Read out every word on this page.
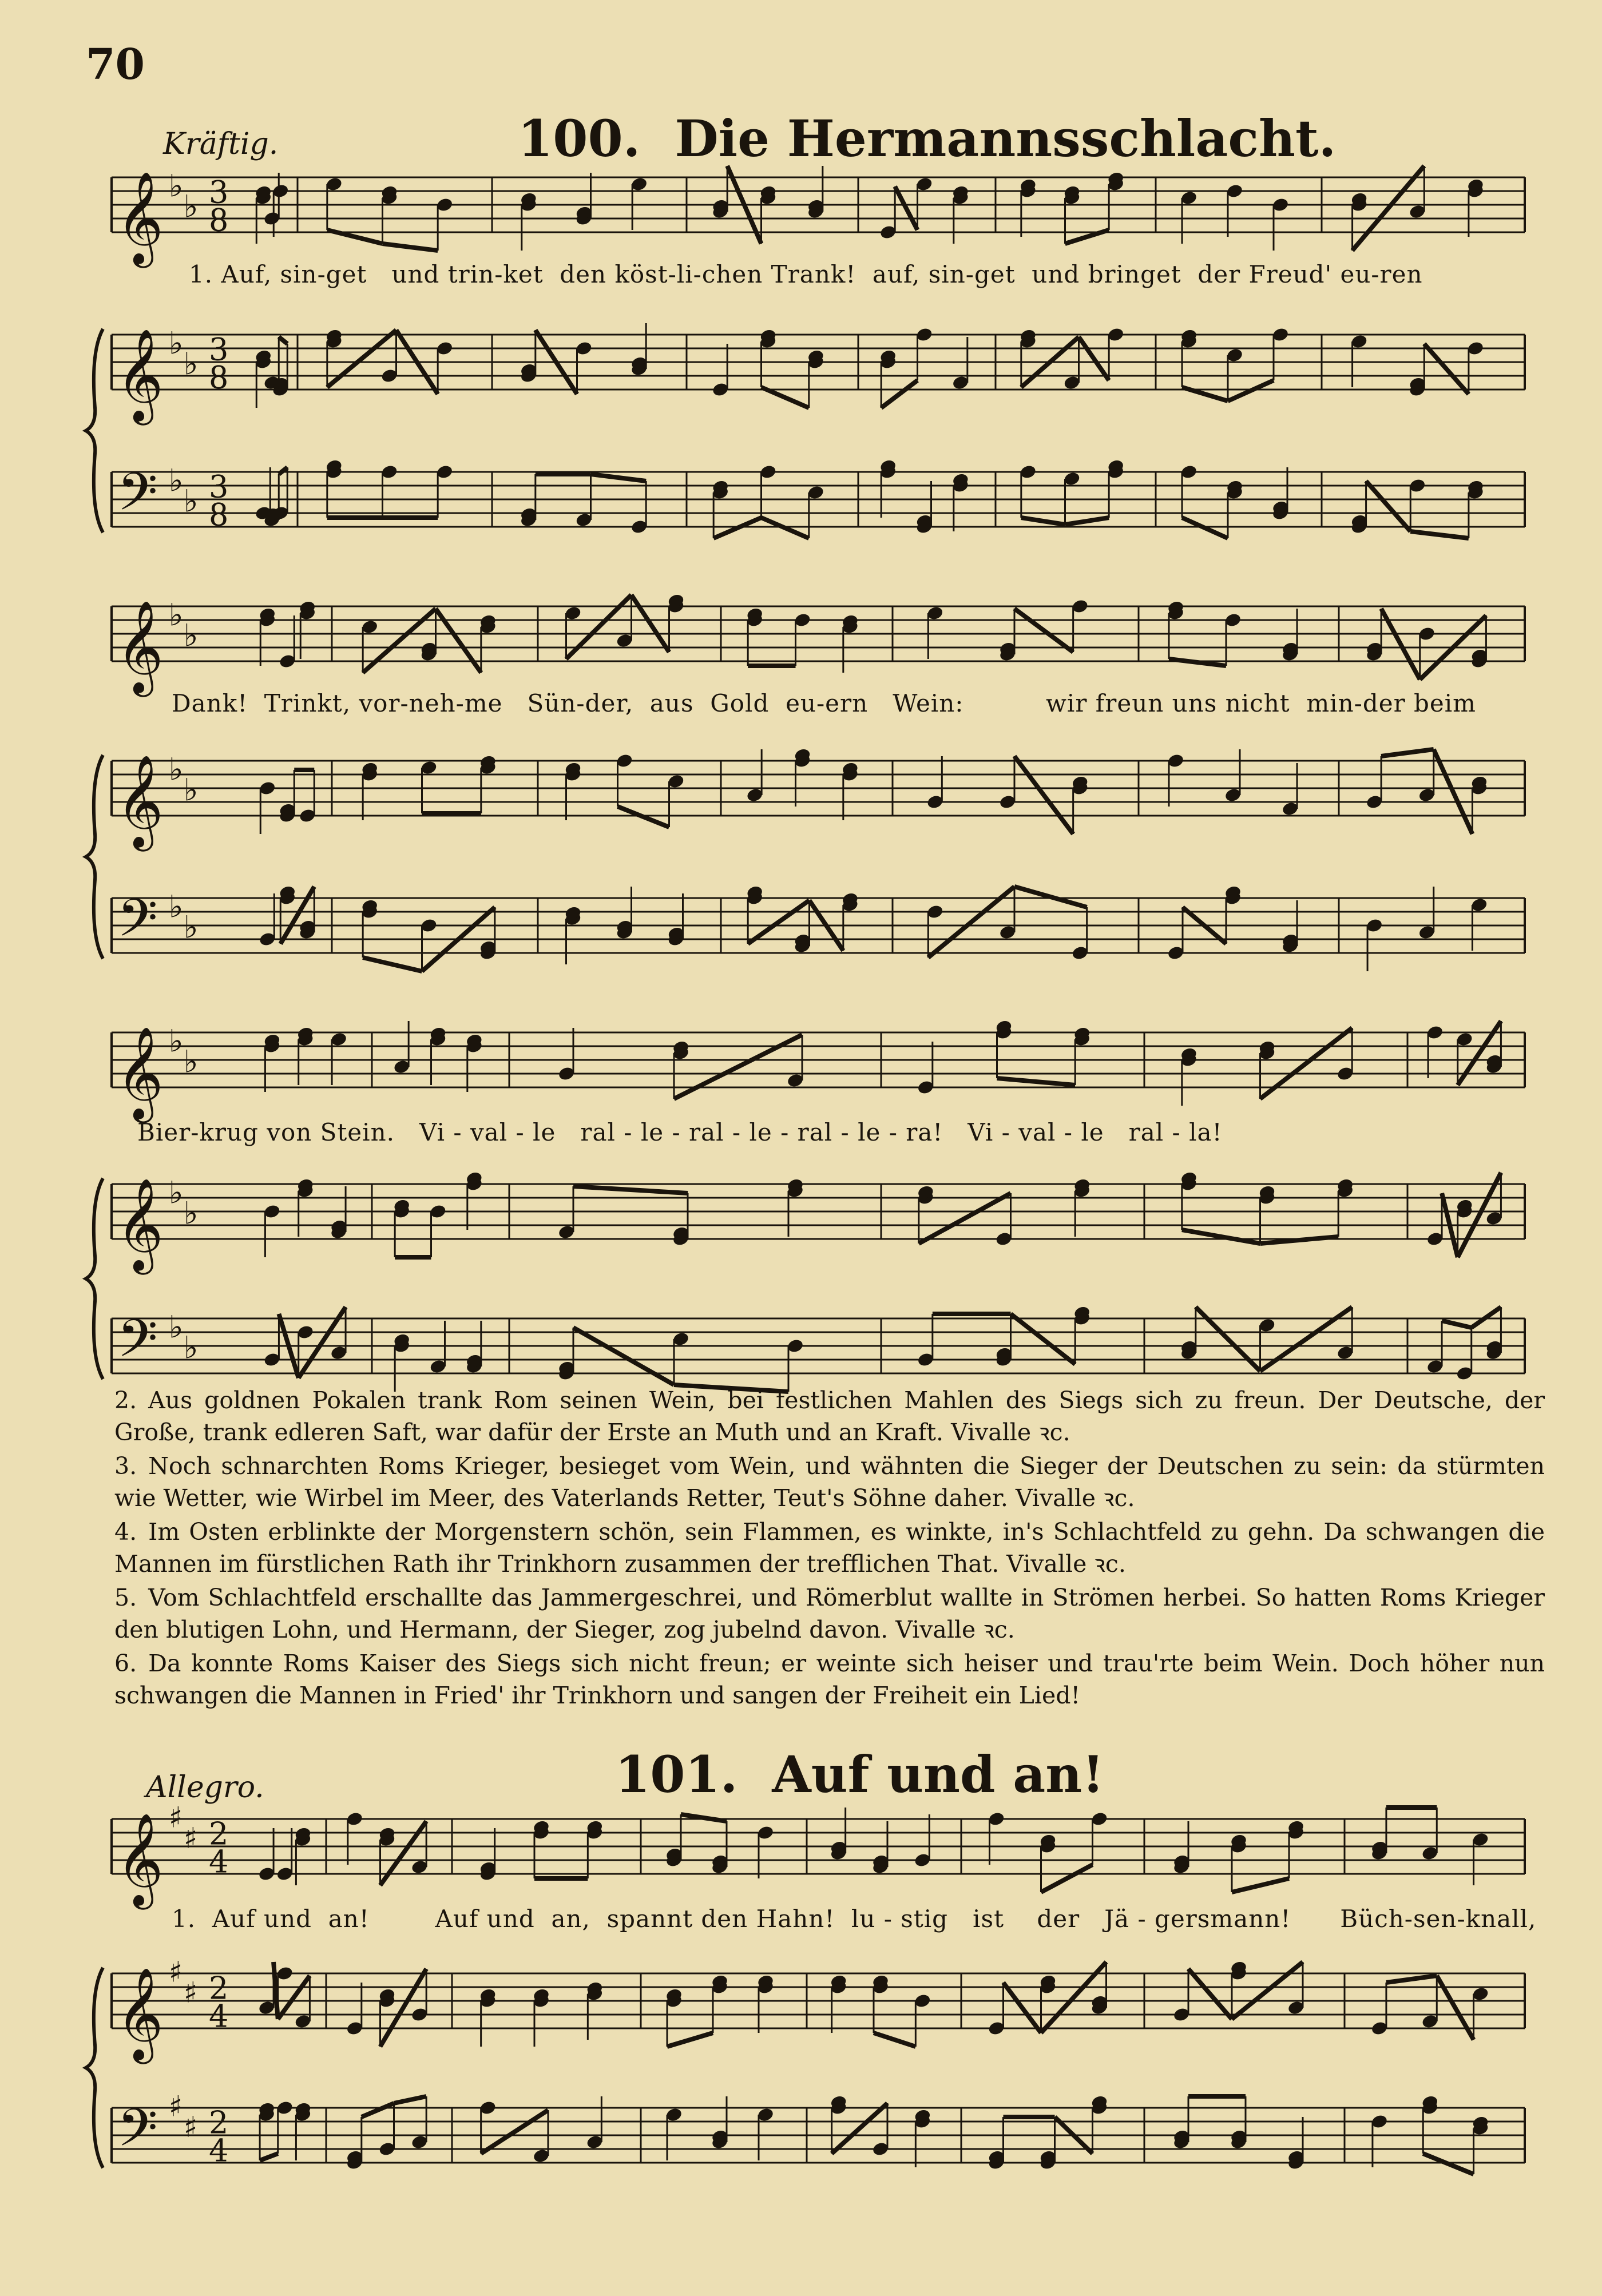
70
Kräftig.	100. Die Hermannsschlacht.
𝄞 ♭
♭ 3
8
𝄞 ♭
♭ 3
8
𝄢 ♭
♭ 3
8
𝄞 ♭
♭
𝄞 ♭
♭
𝄢 ♭
♭
𝄞 ♭
♭
𝄞 ♭
♭
𝄢 ♭
♭
𝄞 ♯
♯ 2
4
𝄞 ♯
♯ 2
4
𝄢 ♯
♯ 2
4
1. Auf, sin-get   und trin-ket  den köst-li-chen Trank!  auf, sin-get  und bringet  der Freud' eu-ren
Dank!  Trinkt, vor-neh-me   Sün-der,  aus  Gold  eu-ern   Wein:          wir freun uns nicht  min-der beim
Bier-krug von Stein.   Vi - val - le   ral - le - ral - le - ral - le - ra!   Vi - val - le   ral - la!
2. Aus goldnen Pokalen trank Rom seinen Wein, bei festlichen Mahlen des Siegs sich zu freun. Der Deutsche, der Große, trank edleren Saft, war dafür der Erste an Muth und an Kraft. Vivalle ꝛc.
3. Noch schnarchten Roms Krieger, besieget vom Wein, und wähnten die Sieger der Deutschen zu sein: da stürmten wie Wetter, wie Wirbel im Meer, des Vaterlands Retter, Teut's Söhne daher. Vivalle ꝛc.
4. Im Osten erblinkte der Morgenstern schön, sein Flammen, es winkte, in's Schlachtfeld zu gehn. Da schwangen die Mannen im fürstlichen Rath ihr Trinkhorn zusammen der trefflichen That. Vivalle ꝛc.
5. Vom Schlachtfeld erschallte das Jammergeschrei, und Römerblut wallte in Strömen herbei. So hatten Roms Krieger den blutigen Lohn, und Hermann, der Sieger, zog jubelnd davon. Vivalle ꝛc.
6. Da konnte Roms Kaiser des Siegs sich nicht freun; er weinte sich heiser und trau'rte beim Wein. Doch höher nun schwangen die Mannen in Fried' ihr Trinkhorn und sangen der Freiheit ein Lied!
Allegro.	101. Auf und an!
1.  Auf und  an!        Auf und  an,  spannt den Hahn!  lu - stig   ist    der   Jä - gersmann!      Büch-sen-knall,
